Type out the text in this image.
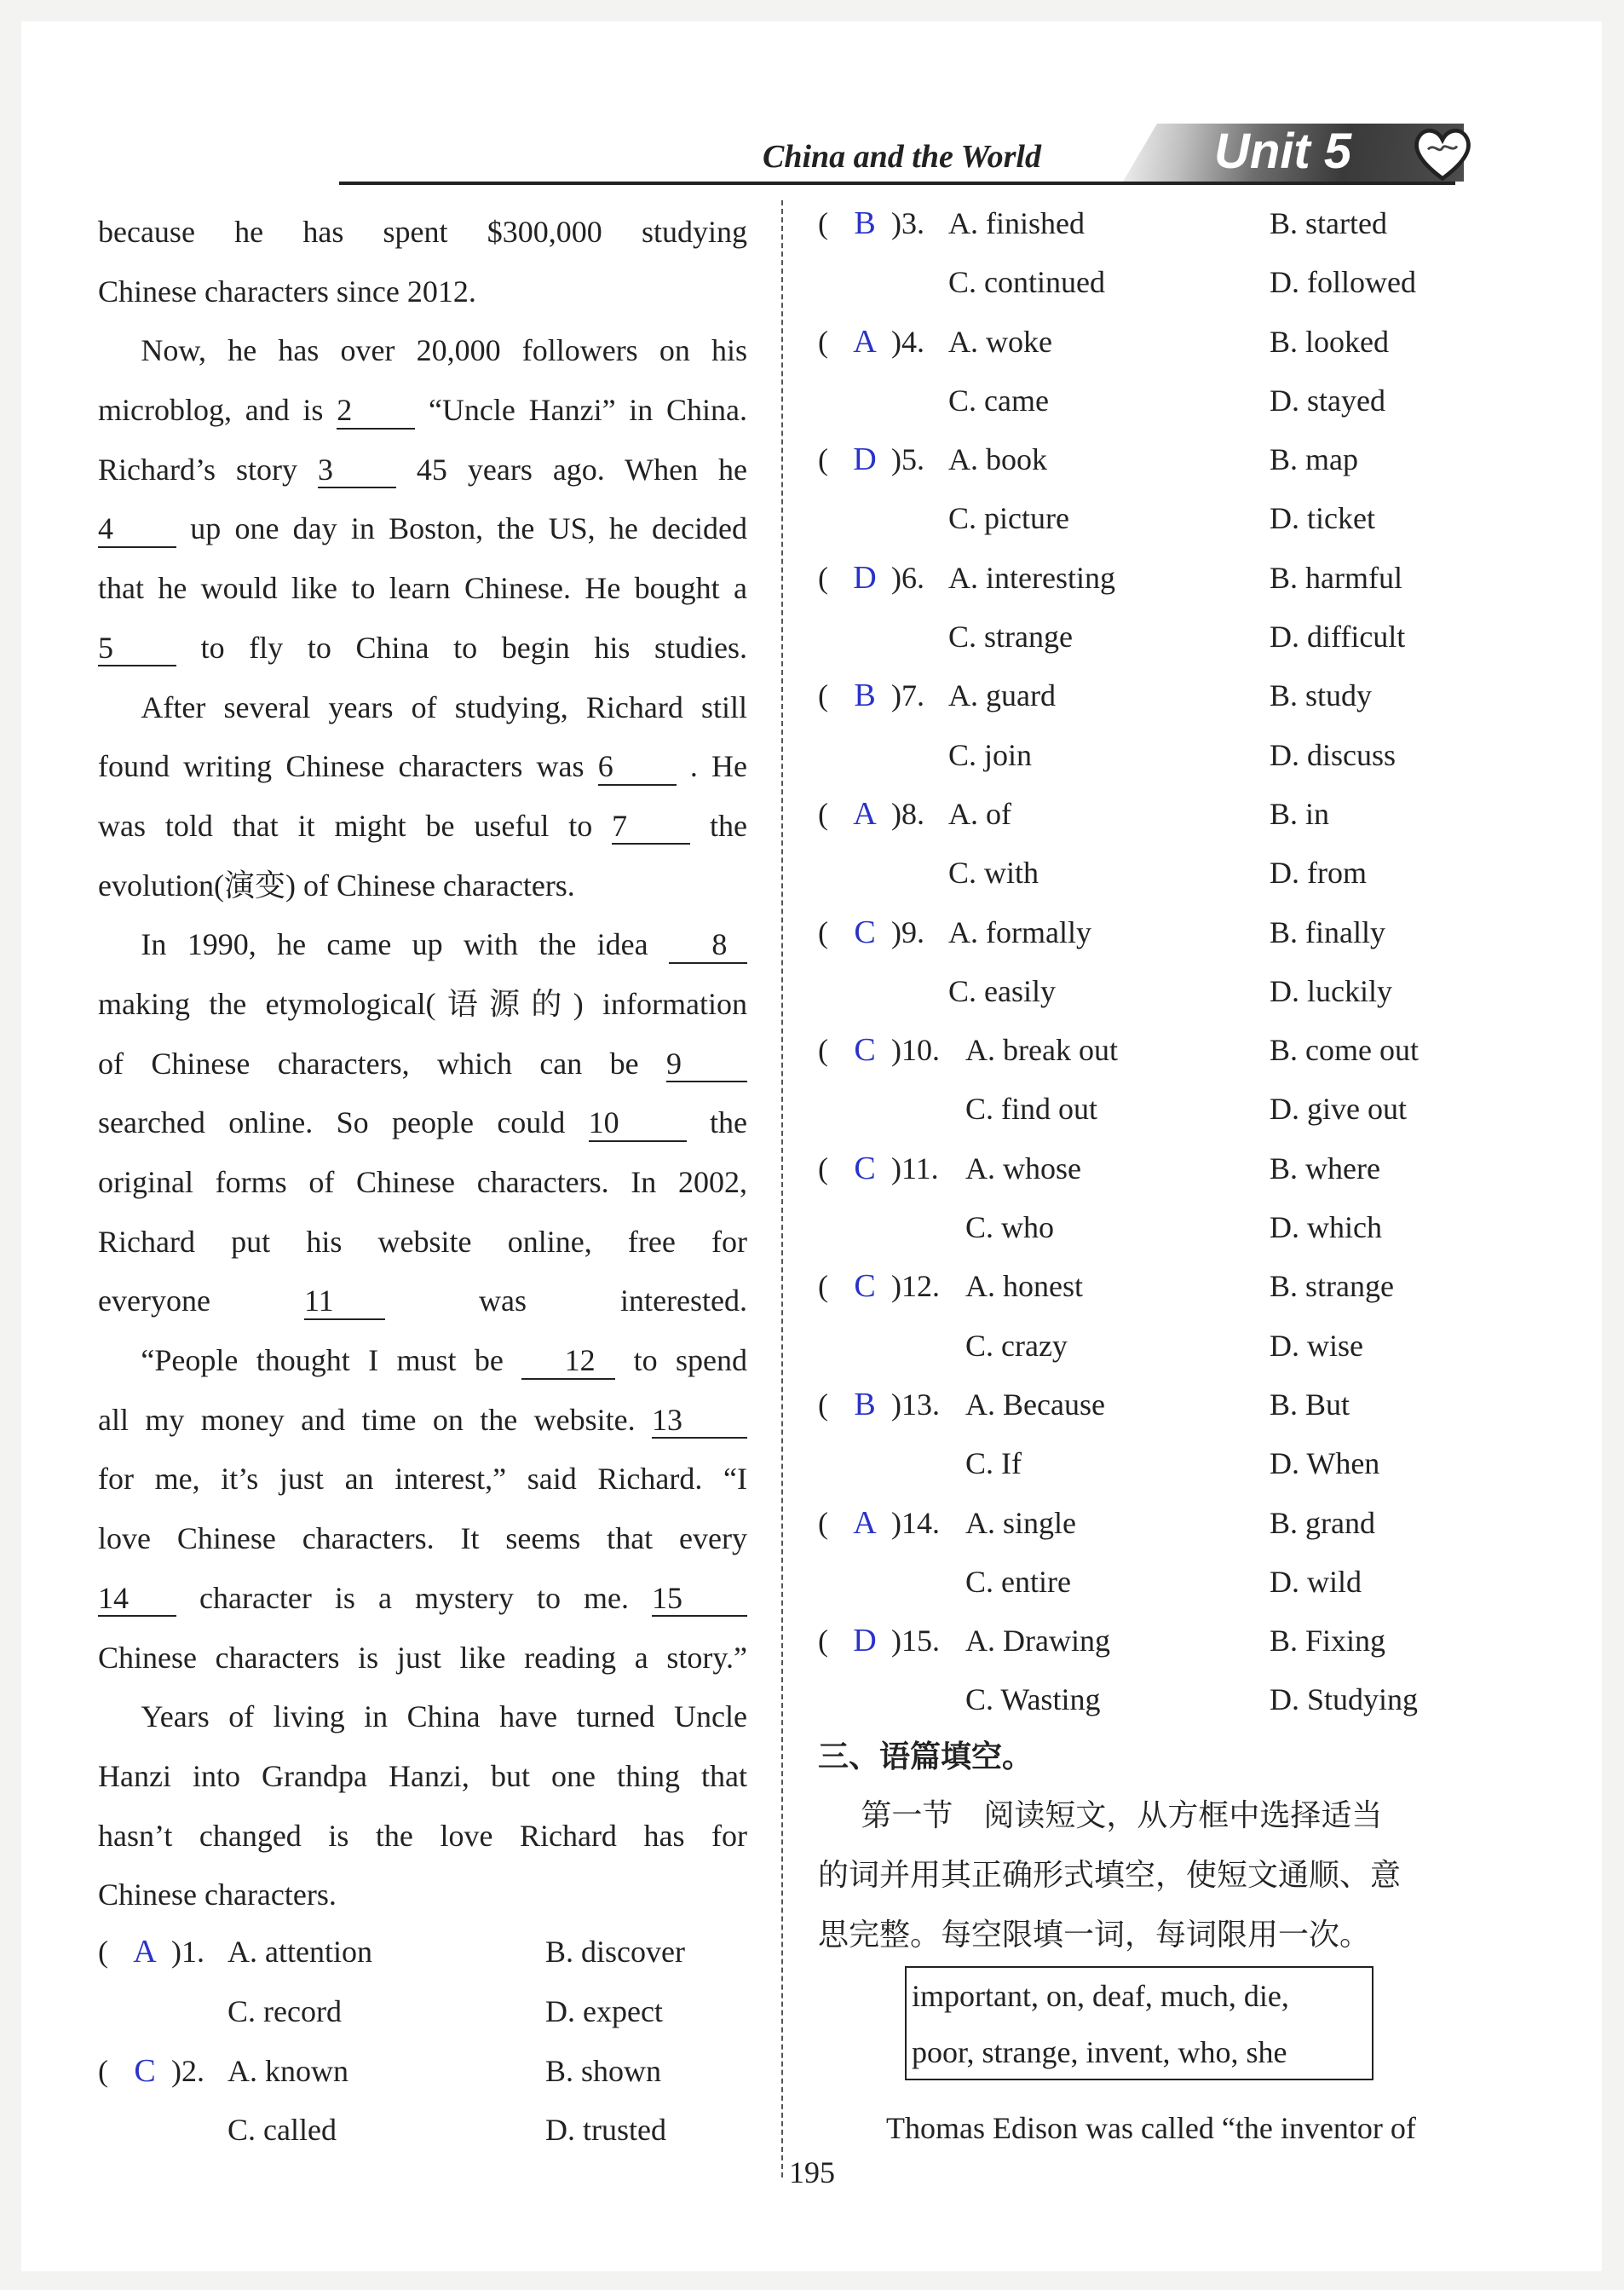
China and the World	Unit 5
because he has spent $300,000 studying
Chinese characters since 2012.
Now, he has over 20,000 followers on his
microblog, and is 2 “Uncle Hanzi” in China.
Richard’s story 3	45 years ago. When he
4	up one day in Boston, the US, he decided
that he would like to learn Chinese. He bought a
5	to fly to China to begin his studies.
After several years of studying, Richard still
found writing Chinese characters was 6	. He
was told that it might be useful to 7	the
evolution(演变) of Chinese characters.
In 1990, he came up with the idea 8
making the etymological(语源的) information
of Chinese characters, which can be 9
searched online. So people could 10	the
original forms of Chinese characters. In 2002,
Richard put his website online, free for
everyone	11	was interested.
“People thought I must be 12 to spend
all my money and time on the website. 13
for me, it’s just an interest,” said Richard. “I
love Chinese characters. It seems that every
14 character is a mystery to me. 15
Chinese characters is just like reading a story.”
Years of living in China have turned Uncle
Hanzi into Grandpa Hanzi, but one thing that
hasn’t changed is the love Richard has for
Chinese characters.
( A )1. A. attention	B. discover
C. record	D. expect
( C )2. A. known	B. shown
C. called	D. trusted
( B )3. A. finished	B. started
C. continued	D. followed
( A )4. A. woke	B. looked
C. came	D. stayed
( D )5. A. book	B. map
C. picture	D. ticket
( D )6. A. interesting	B. harmful
C. strange	D. difficult
( B )7. A. guard	B. study
C. join	D. discuss
( A )8. A. of	B. in
C. with	D. from
( C )9. A. formally	B. finally
C. easily	D. luckily
( C )10. A. break out	B. come out
C. find out	D. give out
( C )11. A. whose	B. where
C. who	D. which
( C )12. A. honest	B. strange
C. crazy	D. wise
( B )13. A. Because	B. But
C. If	D. When
( A )14. A. single	B. grand
C. entire	D. wild
( D )15. A. Drawing	B. Fixing
C. Wasting	D. Studying
三、语篇填空。
第一节　阅读短文，从方框中选择适当
的词并用其正确形式填空，使短文通顺、意
思完整。每空限填一词，每词限用一次。
important, on, deaf, much, die,
poor, strange, invent, who, she
Thomas Edison was called “the inventor of
195
